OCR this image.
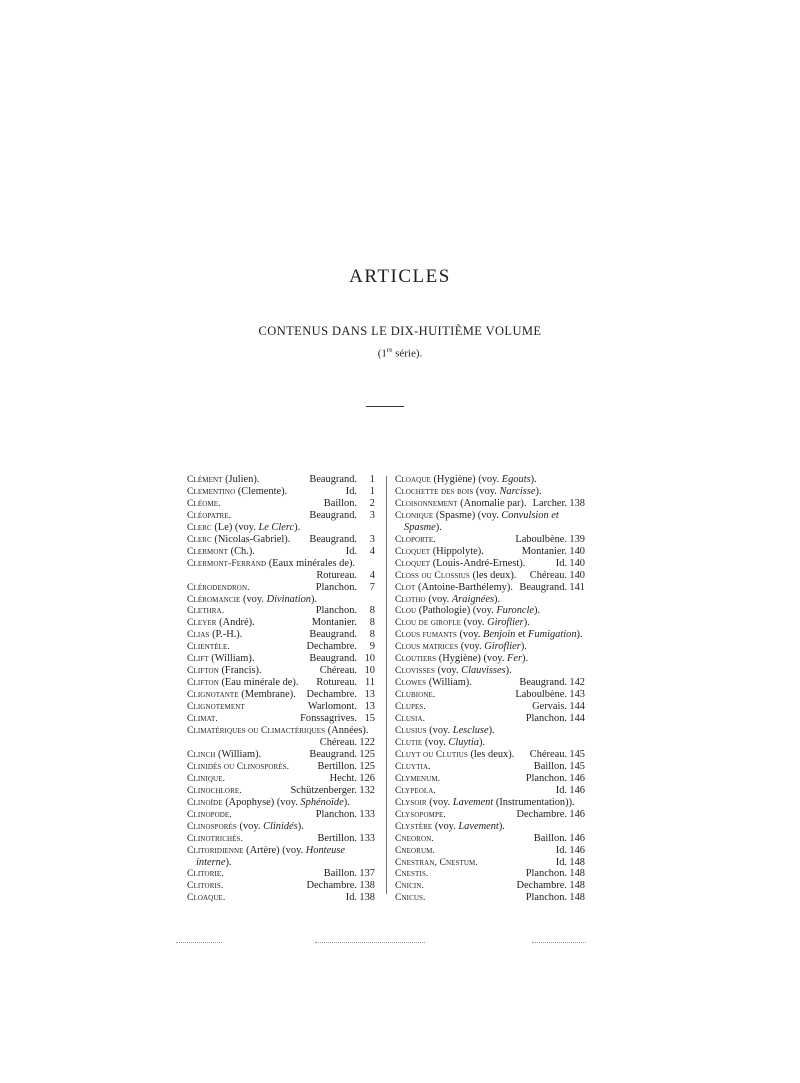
ARTICLES
CONTENUS DANS LE DIX-HUITIÈME VOLUME
(1re série).
Beaugrand. 1
Clément (Julien).
Id. 1
Clementino (Clemente).
Baillon. 2
Cléome.
Beaugrand. 3
Cléopatre.
Clerc (Le) (voy. Le Clerc).
Beaugrand. 3
Clerc (Nicolas-Gabriel).
Id. 4
Clermont (Ch.).
Clermont-Ferrand (Eaux minérales de).
Rotureau. 4

Planchon. 7
Clérodendron.
Cléromancie (voy. Divination).
Planchon. 8
Clethra.
Montanier. 8
Cleyer (André).
Beaugrand. 8
Clias (P.-H.).
Dechambre. 9
Clientèle.
Beaugrand. 10
Clift (William).
Chéreau. 10
Clifton (Francis).
Rotureau. 11
Clifton (Eau minérale de).
Dechambre. 13
Clignotante (Membrane).
Warlomont. 13
Clignotement
Fonssagrives. 15
Climat.
Climatériques ou Climactériques (Années).
Chéreau. 122

Beaugrand. 125
Clinch (William).
Bertillon. 125
Clinidés ou Clinosporés.
Hecht. 126
Clinique.
Schützenberger. 132
Clinochlore.
Clinoïde (Apophyse) (voy. Sphénoïde).
Planchon. 133
Clinopode.
Clinosporés (voy. Clinidés).
Bertillon. 133
Clinotrichés.
Clitoridienne (Artère) (voy. Honteuse interne).
Baillon. 137
Clitorie.
Dechambre. 138
Clitoris.
Id. 138
Cloaque.
Cloaque (Hygiène) (voy. Égouts).
Clochette des bois (voy. Narcisse).
Larcher. 138
Cloisonnement (Anomalie par).
Clonique (Spasme) (voy. Convulsion et Spasme).
Laboulbène. 139
Cloporte.
Montanier. 140
Cloquet (Hippolyte).
Id. 140
Cloquet (Louis-André-Ernest).
Chéreau. 140
Closs ou Clossius (les deux).
Beaugrand. 141
Clot (Antoine-Barthélemy).
Clotho (voy. Araignées).
Clou (Pathologie) (voy. Furoncle).
Clou de girofle (voy. Giroflier).
Clous fumants (voy. Benjoin et Fumigation).
Clous matrices (voy. Giroflier).
Cloutiers (Hygiène) (voy. Fer).
Clovisses (voy. Clauvisses).
Beaugrand. 142
Clowes (William).
Laboulbène. 143
Clubione.
Gervais. 144
Clupes.
Planchon. 144
Clusia.
Clusius (voy. Lescluse).
Clutie (voy. Cluytia).
Chéreau. 145
Cluyt ou Clutius (les deux).
Baillon. 145
Cluytia.
Planchon. 146
Clymenum.
Id. 146
Clypeola.
Clysoir (voy. Lavement (Instrumentation)).
Dechambre. 146
Clysopompe.
Clystère (voy. Lavement).
Baillon. 146
Cneoron.
Id. 146
Cneorum.
Id. 148
Cnestran, Cnestum.
Planchon. 148
Cnestis.
Dechambre. 148
Cnicin.
Planchon. 148
Cnicus.
